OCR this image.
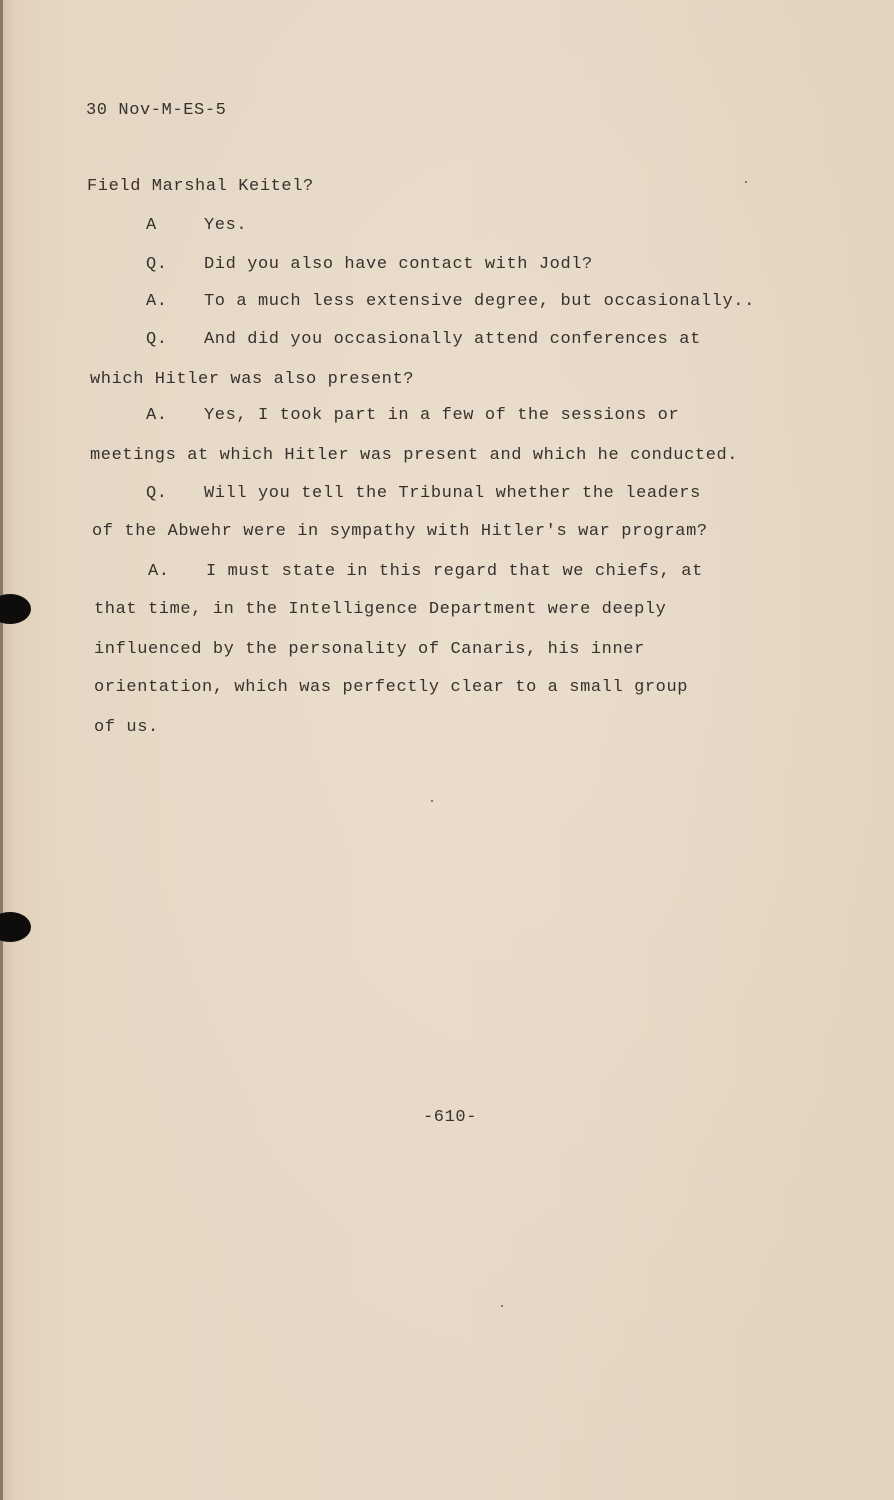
30 Nov-M-ES-5
Field Marshal Keitel?
A	Yes.
Q. Did you also have contact with Jodl?
A. To a much less extensive degree, but occasionally..
Q. And did you occasionally attend conferences at
which Hitler was also present?
A. Yes, I took part in a few of the sessions or
meetings at which Hitler was present and which he conducted.
Q. Will you tell the Tribunal whether the leaders
of the Abwehr were in sympathy with Hitler's war program?
A. I must state in this regard that we chiefs, at
that time, in the Intelligence Department were deeply
influenced by the personality of Canaris, his inner
orientation, which was perfectly clear to a small group
of us.
-610-
